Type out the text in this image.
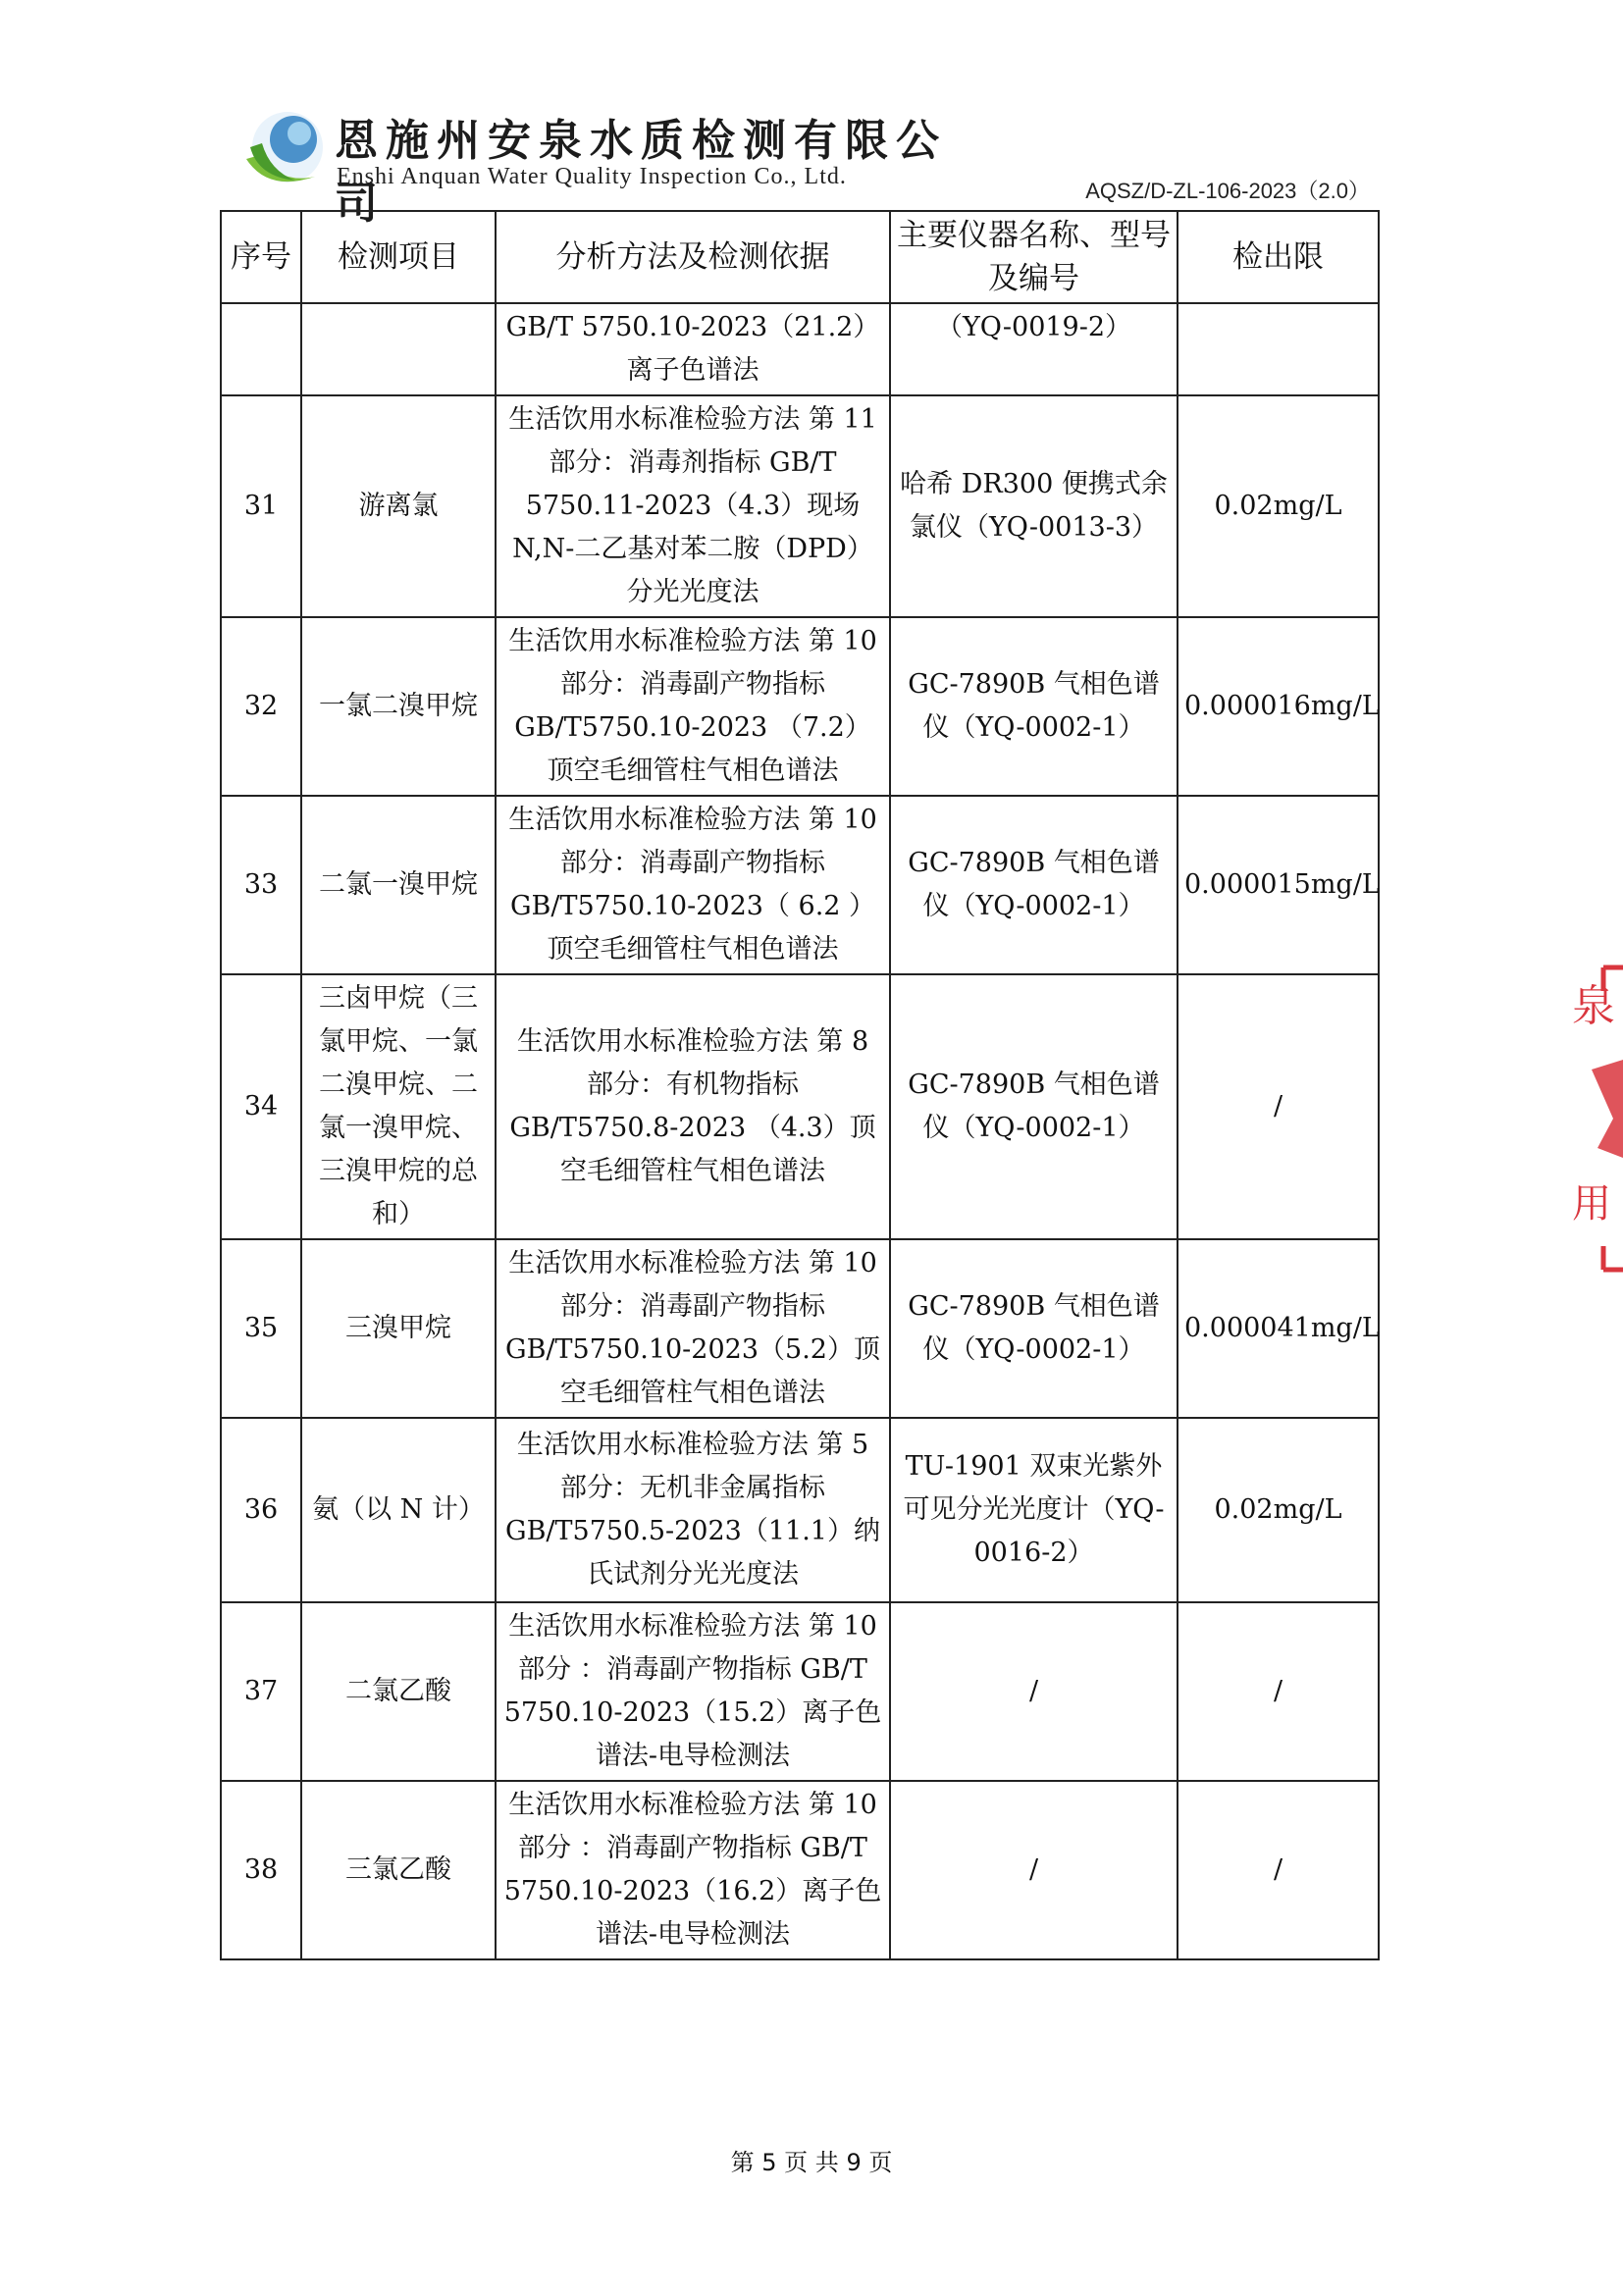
恩施州安泉水质检测有限公司
Enshi Anquan Water Quality Inspection Co., Ltd.
AQSZ/D-ZL-106-2023（2.0）
序号	检测项目	分析方法及检测依据	主要仪器名称、型号及编号	检出限
		GB/T 5750.10-2023（21.2）离子色谱法	（YQ-0019-2）	
31	游离氯	生活饮用水标准检验方法 第 11 部分：消毒剂指标 GB/T 5750.11-2023（4.3）现场 N,N-二乙基对苯二胺（DPD）分光光度法	哈希 DR300 便携式余氯仪（YQ-0013-3）	0.02mg/L
32	一氯二溴甲烷	生活饮用水标准检验方法 第 10 部分：消毒副产物指标 GB/T5750.10-2023 （7.2）顶空毛细管柱气相色谱法	GC-7890B 气相色谱仪（YQ-0002-1）	0.000016mg/L
33	二氯一溴甲烷	生活饮用水标准检验方法 第 10 部分：消毒副产物指标 GB/T5750.10-2023（ 6.2 ）顶空毛细管柱气相色谱法	GC-7890B 气相色谱仪（YQ-0002-1）	0.000015mg/L
34	三卤甲烷（三氯甲烷、一氯二溴甲烷、二氯一溴甲烷、三溴甲烷的总和）	生活饮用水标准检验方法 第 8 部分：有机物指标 GB/T5750.8-2023 （4.3）顶空毛细管柱气相色谱法	GC-7890B 气相色谱仪（YQ-0002-1）	/
35	三溴甲烷	生活饮用水标准检验方法 第 10 部分：消毒副产物指标 GB/T5750.10-2023（5.2）顶空毛细管柱气相色谱法	GC-7890B 气相色谱仪（YQ-0002-1）	0.000041mg/L
36	氨（以 N 计）	生活饮用水标准检验方法 第 5 部分：无机非金属指标 GB/T5750.5-2023（11.1）纳氏试剂分光光度法	TU-1901 双束光紫外可见分光光度计（YQ-0016-2）	0.02mg/L
37	二氯乙酸	生活饮用水标准检验方法 第 10 部分 ：消毒副产物指标 GB/T 5750.10-2023（15.2）离子色谱法-电导检测法	/	/
38	三氯乙酸	生活饮用水标准检验方法 第 10 部分 ：消毒副产物指标 GB/T 5750.10-2023（16.2）离子色谱法-电导检测法	/	/
泉
用
第 5 页 共 9 页
